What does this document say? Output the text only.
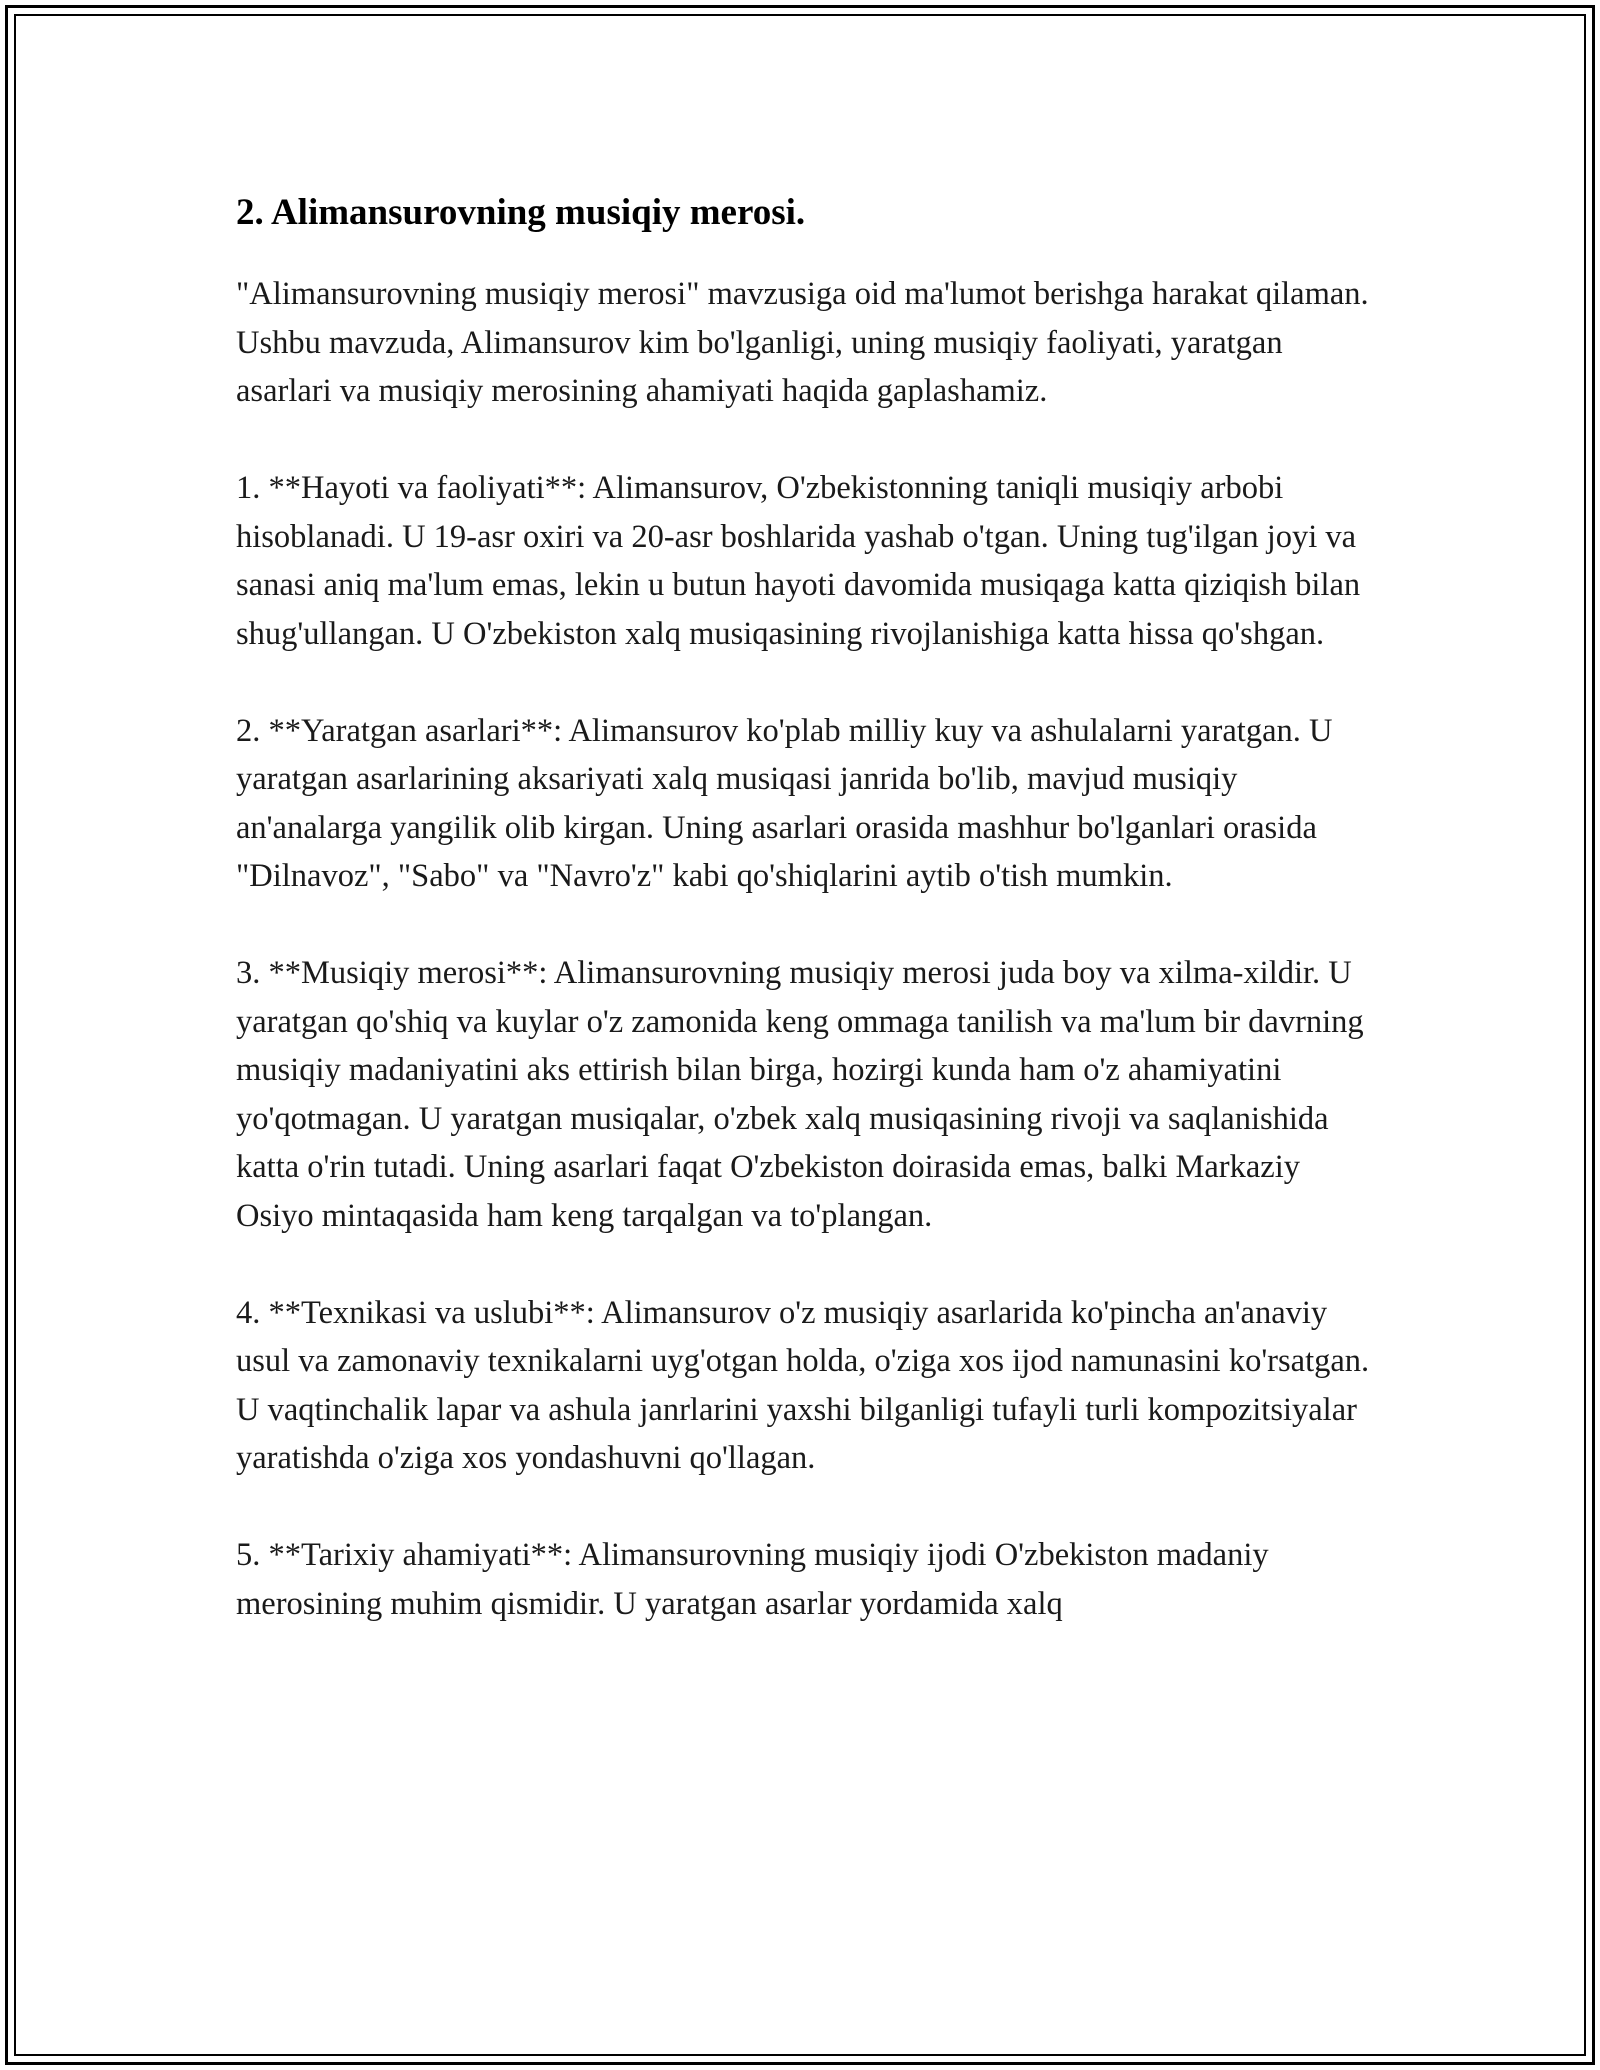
2. Alimansurovning musiqiy merosi.

"Alimansurovning musiqiy merosi" mavzusiga oid ma'lumot berishga harakat qilaman. Ushbu mavzuda, Alimansurov kim bo'lganligi, uning musiqiy faoliyati, yaratgan asarlari va musiqiy merosining ahamiyati haqida gaplashamiz.

1. **Hayoti va faoliyati**: Alimansurov, O'zbekistonning taniqli musiqiy arbobi hisoblanadi. U 19-asr oxiri va 20-asr boshlarida yashab o'tgan. Uning tug'ilgan joyi va sanasi aniq ma'lum emas, lekin u butun hayoti davomida musiqaga katta qiziqish bilan shug'ullangan. U O'zbekiston xalq musiqasining rivojlanishiga katta hissa qo'shgan.

2. **Yaratgan asarlari**: Alimansurov ko'plab milliy kuy va ashulalarni yaratgan. U yaratgan asarlarining aksariyati xalq musiqasi janrida bo'lib, mavjud musiqiy an'analarga yangilik olib kirgan. Uning asarlari orasida mashhur bo'lganlari orasida "Dilnavoz", "Sabo" va "Navro'z" kabi qo'shiqlarini aytib o'tish mumkin.

3. **Musiqiy merosi**: Alimansurovning musiqiy merosi juda boy va xilma-xildir. U yaratgan qo'shiq va kuylar o'z zamonida keng ommaga tanilish va ma'lum bir davrning musiqiy madaniyatini aks ettirish bilan birga, hozirgi kunda ham o'z ahamiyatini yo'qotmagan. U yaratgan musiqalar, o'zbek xalq musiqasining rivoji va saqlanishida katta o'rin tutadi. Uning asarlari faqat O'zbekiston doirasida emas, balki Markaziy Osiyo mintaqasida ham keng tarqalgan va to'plangan.

4. **Texnikasi va uslubi**: Alimansurov o'z musiqiy asarlarida ko'pincha an'anaviy usul va zamonaviy texnikalarni uyg'otgan holda, o'ziga xos ijod namunasini ko'rsatgan. U vaqtinchalik lapar va ashula janrlarini yaxshi bilganligi tufayli turli kompozitsiyalar yaratishda o'ziga xos yondashuvni qo'llagan.

5. **Tarixiy ahamiyati**: Alimansurovning musiqiy ijodi O'zbekiston madaniy merosining muhim qismidir. U yaratgan asarlar yordamida xalq
